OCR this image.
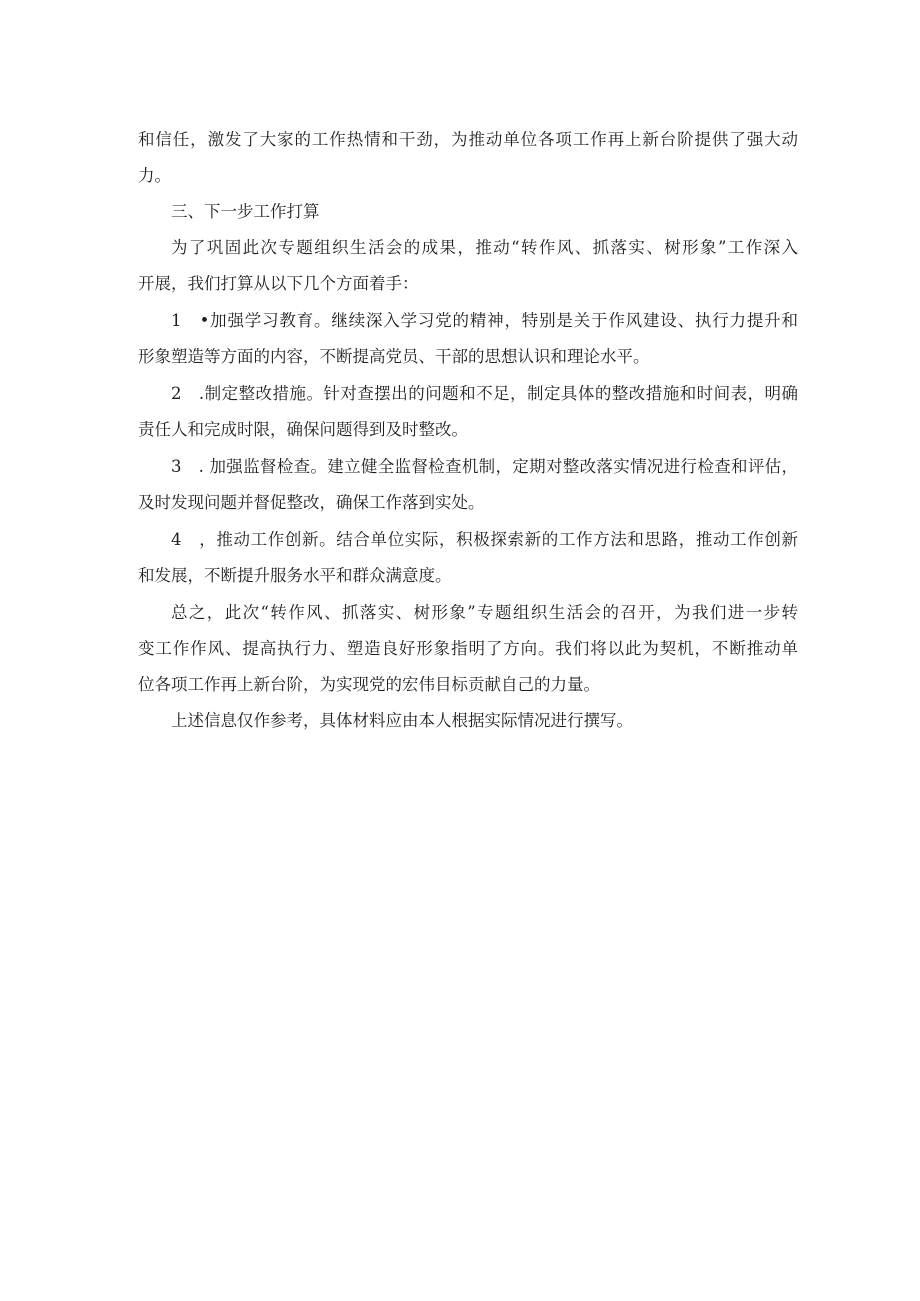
和信任，激发了大家的工作热情和干劲，为推动单位各项工作再上新台阶提供了强大动
力。

三、下一步工作打算

为了巩固此次专题组织生活会的成果，推动“转作风、抓落实、树形象”工作深入
开展，我们打算从以下几个方面着手：

1　•加强学习教育。继续深入学习党的精神，特别是关于作风建设、执行力提升和
形象塑造等方面的内容，不断提高党员、干部的思想认识和理论水平。

2　.制定整改措施。针对查摆出的问题和不足，制定具体的整改措施和时间表，明确
责任人和完成时限，确保问题得到及时整改。

3　. 加强监督检查。建立健全监督检查机制，定期对整改落实情况进行检查和评估，
及时发现问题并督促整改，确保工作落到实处。

4　，推动工作创新。结合单位实际，积极探索新的工作方法和思路，推动工作创新
和发展，不断提升服务水平和群众满意度。

总之，此次“转作风、抓落实、树形象”专题组织生活会的召开，为我们进一步转
变工作作风、提高执行力、塑造良好形象指明了方向。我们将以此为契机，不断推动单
位各项工作再上新台阶，为实现党的宏伟目标贡献自己的力量。

上述信息仅作参考，具体材料应由本人根据实际情况进行撰写。
